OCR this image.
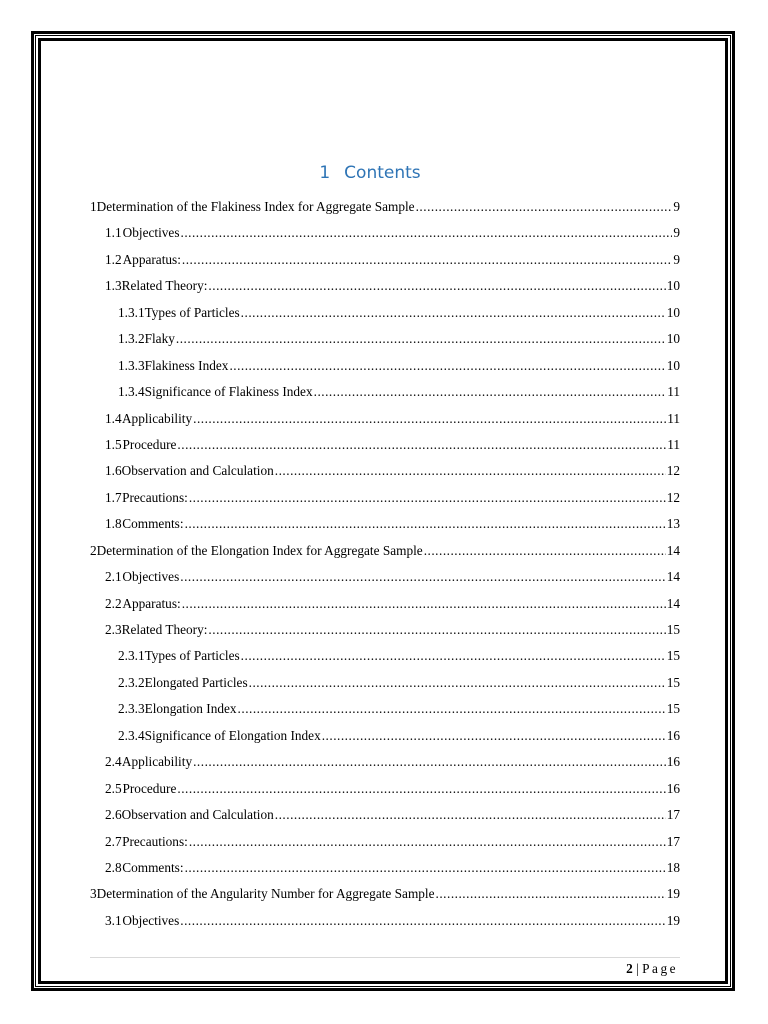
1 Contents
1 Determination of the Flakiness Index for Aggregate Sample .....	9
1.1 Objectives .....	9
1.2 Apparatus: .....	9
1.3 Related Theory: .....	10
1.3.1 Types of Particles .....	10
1.3.2 Flaky .....	10
1.3.3 Flakiness Index .....	10
1.3.4 Significance of Flakiness Index .....	11
1.4 Applicability .....	11
1.5 Procedure .....	11
1.6 Observation and Calculation .....	12
1.7 Precautions: .....	12
1.8 Comments: .....	13
2 Determination of the Elongation Index for Aggregate Sample .....	14
2.1 Objectives .....	14
2.2 Apparatus: .....	14
2.3 Related Theory: .....	15
2.3.1 Types of Particles .....	15
2.3.2 Elongated Particles .....	15
2.3.3 Elongation Index .....	15
2.3.4 Significance of Elongation Index .....	16
2.4 Applicability .....	16
2.5 Procedure .....	16
2.6 Observation and Calculation .....	17
2.7 Precautions: .....	17
2.8 Comments: .....	18
3 Determination of the Angularity Number for Aggregate Sample .....	19
3.1 Objectives .....	19
2 | Page
